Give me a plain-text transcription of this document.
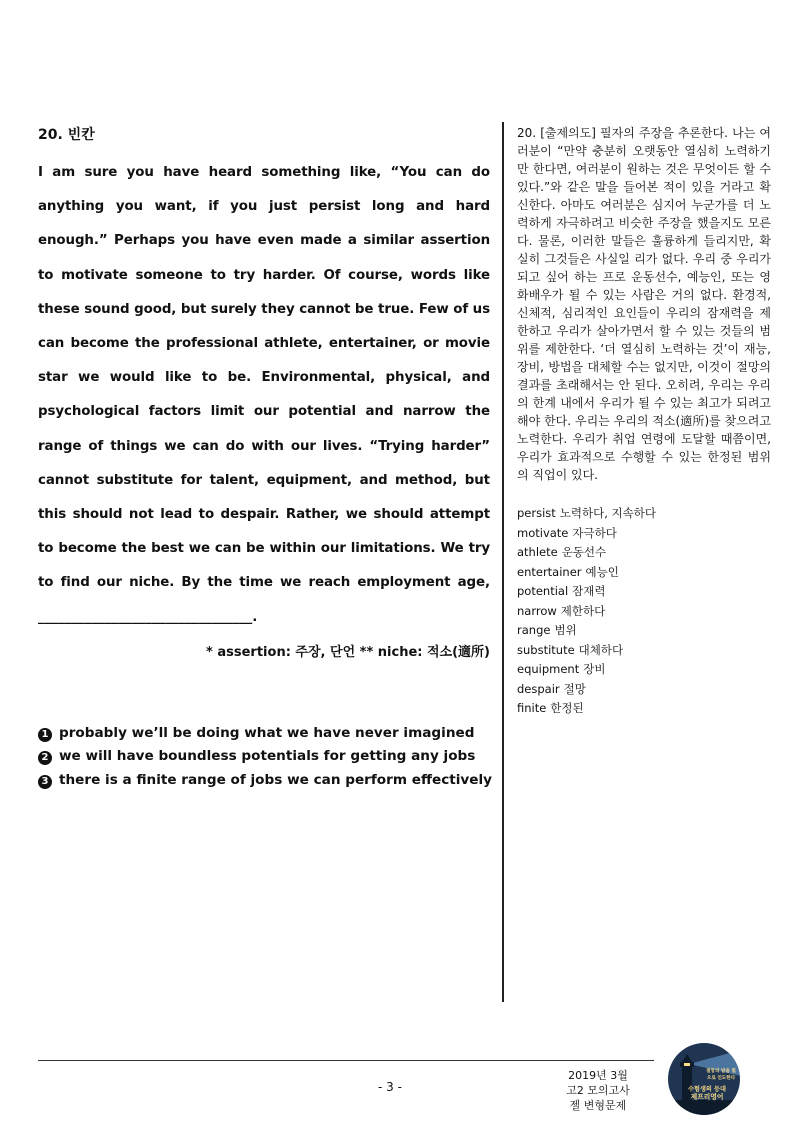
20. 빈칸

I am sure you have heard something like, “You can do anything you want, if you just persist long and hard enough.” Perhaps you have even made a similar assertion to motivate someone to try harder. Of course, words like these sound good, but surely they cannot be true. Few of us can become the professional athlete, entertainer, or movie star we would like to be. Environmental, physical, and psychological factors limit our potential and narrow the range of things we can do with our lives. “Trying harder” cannot substitute for talent, equipment, and method, but this should not lead to despair. Rather, we should attempt to become the best we can be within our limitations. We try to find our niche. By the time we reach employment age, ________________________________.

* assertion: 주장, 단언 ** niche: 적소(適所)
1 probably we’ll be doing what we have never imagined
2 we will have boundless potentials for getting any jobs
3 there is a finite range of jobs we can perform effectively

20. [출제의도] 필자의 주장을 추론한다. 나는 여러분이 “만약 충분히 오랫동안 열심히 노력하기만 한다면, 여러분이 원하는 것은 무엇이든 할 수 있다.”와 같은 말을 들어본 적이 있을 거라고 확신한다. 아마도 여러분은 심지어 누군가를 더 노력하게 자극하려고 비슷한 주장을 했을지도 모른다. 물론, 이러한 말들은 훌륭하게 들리지만, 확실히 그것들은 사실일 리가 없다. 우리 중 우리가 되고 싶어 하는 프로 운동선수, 예능인, 또는 영화배우가 될 수 있는 사람은 거의 없다. 환경적, 신체적, 심리적인 요인들이 우리의 잠재력을 제한하고 우리가 살아가면서 할 수 있는 것들의 범위를 제한한다. ‘더 열심히 노력하는 것’이 재능, 장비, 방법을 대체할 수는 없지만, 이것이 절망의 결과를 초래해서는 안 된다. 오히려, 우리는 우리의 한계 내에서 우리가 될 수 있는 최고가 되려고 해야 한다. 우리는 우리의 적소(適所)를 찾으려고 노력한다. 우리가 취업 연령에 도달할 때쯤이면, 우리가 효과적으로 수행할 수 있는 한정된 범위의 직업이 있다.

persist 노력하다, 지속하다
motivate 자극하다
athlete 운동선수
entertainer 예능인
potential 잠재력
narrow 제한하다
range 범위
substitute 대체하다
equipment 장비
despair 절망
finite 한정된
- 3 -
2019년 3월
고2 모의고사
젤 변형문제
절망의 밤을 빛 으로 인도한다 수험생의 등대 제프리영어
